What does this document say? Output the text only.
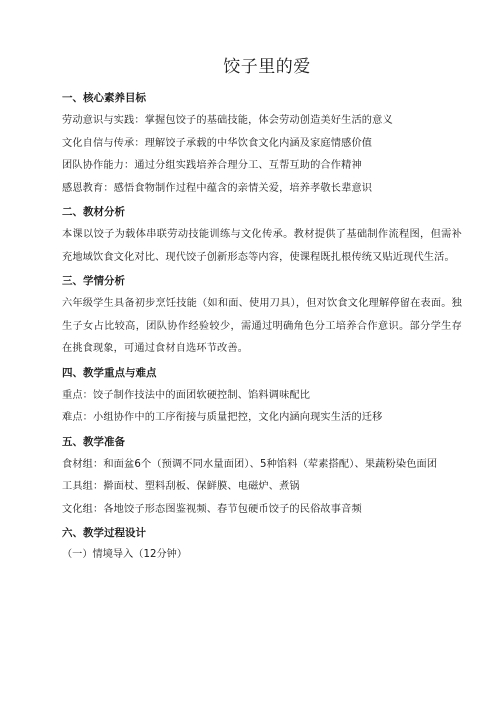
饺子里的爱
一、核心素养目标

劳动意识与实践：掌握包饺子的基础技能，体会劳动创造美好生活的意义

文化自信与传承：理解饺子承载的中华饮食文化内涵及家庭情感价值

团队协作能力：通过分组实践培养合理分工、互帮互助的合作精神

感恩教育：感悟食物制作过程中蕴含的亲情关爱，培养孝敬长辈意识

二、教材分析

本课以饺子为载体串联劳动技能训练与文化传承。教材提供了基础制作流程图，但需补充地域饮食文化对比、现代饺子创新形态等内容，使课程既扎根传统又贴近现代生活。

三、学情分析

六年级学生具备初步烹饪技能（如和面、使用刀具），但对饮食文化理解停留在表面。独生子女占比较高，团队协作经验较少，需通过明确角色分工培养合作意识。部分学生存在挑食现象，可通过食材自选环节改善。

四、教学重点与难点

重点：饺子制作技法中的面团软硬控制、馅料调味配比

难点：小组协作中的工序衔接与质量把控，文化内涵向现实生活的迁移

五、教学准备

食材组：和面盆6个（预调不同水量面团）、5种馅料（荤素搭配）、果蔬粉染色面团

工具组：擀面杖、塑料刮板、保鲜膜、电磁炉、煮锅

文化组：各地饺子形态图鉴视频、春节包硬币饺子的民俗故事音频

六、教学过程设计

（一）情境导入（12分钟）
